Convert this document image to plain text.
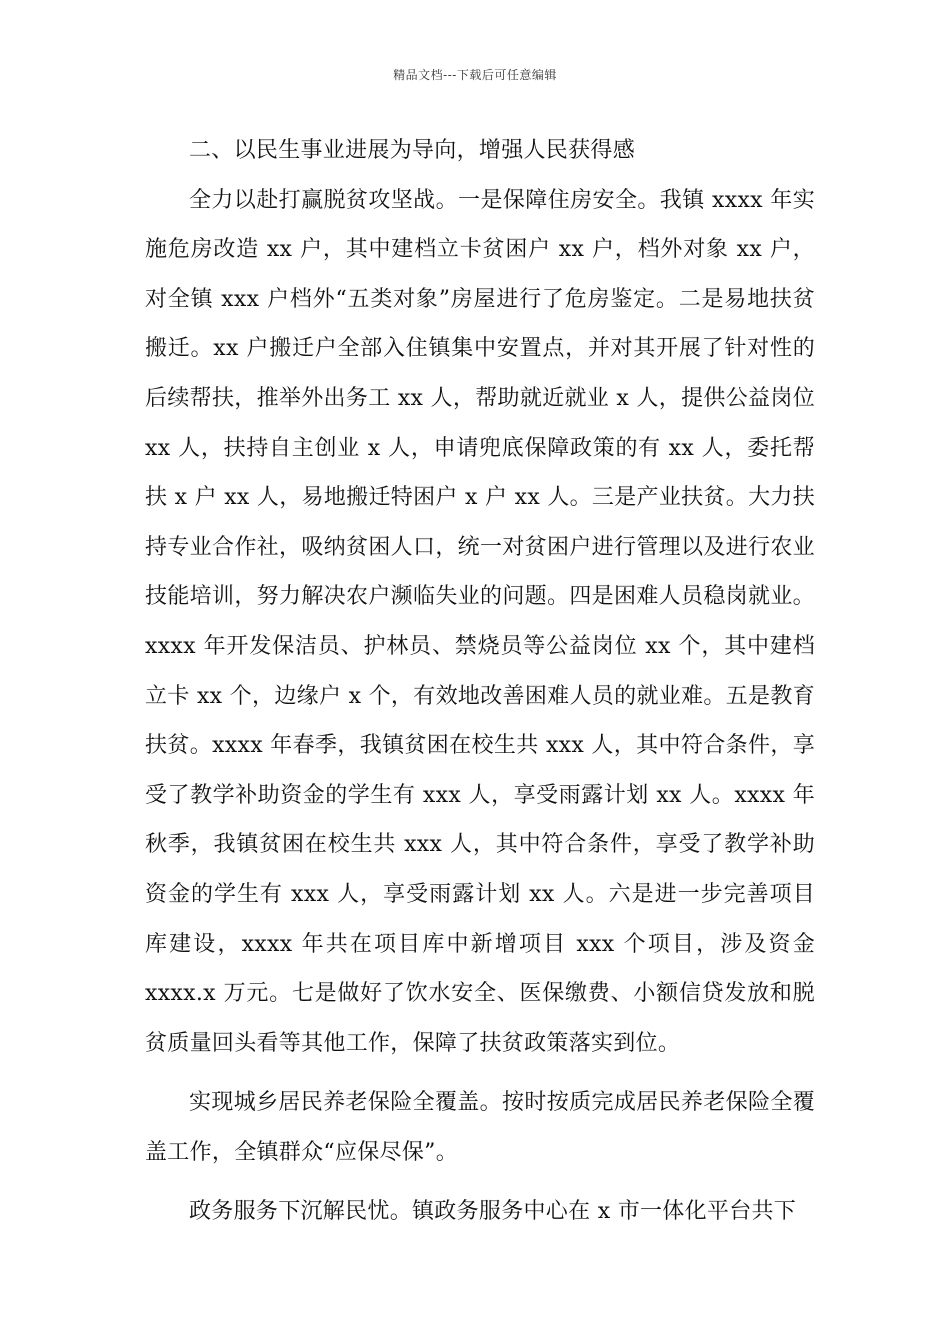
精品文档---下载后可任意编辑

二、以民生事业进展为导向，增强人民获得感

全力以赴打赢脱贫攻坚战。一是保障住房安全。我镇 xxxx 年实施危房改造 xx 户，其中建档立卡贫困户 xx 户，档外对象 xx 户，对全镇 xxx 户档外“五类对象”房屋进行了危房鉴定。二是易地扶贫搬迁。xx 户搬迁户全部入住镇集中安置点，并对其开展了针对性的后续帮扶，推举外出务工 xx 人，帮助就近就业 x 人，提供公益岗位 xx 人，扶持自主创业 x 人，申请兜底保障政策的有 xx 人，委托帮扶 x 户 xx 人，易地搬迁特困户 x 户 xx 人。三是产业扶贫。大力扶持专业合作社，吸纳贫困人口，统一对贫困户进行管理以及进行农业技能培训，努力解决农户濒临失业的问题。四是困难人员稳岗就业。xxxx 年开发保洁员、护林员、禁烧员等公益岗位 xx 个，其中建档立卡 xx 个，边缘户 x 个，有效地改善困难人员的就业难。五是教育扶贫。xxxx 年春季，我镇贫困在校生共 xxx 人，其中符合条件，享受了教学补助资金的学生有 xxx 人，享受雨露计划 xx 人。xxxx 年秋季，我镇贫困在校生共 xxx 人，其中符合条件，享受了教学补助资金的学生有 xxx 人，享受雨露计划 xx 人。六是进一步完善项目库建设，xxxx 年共在项目库中新增项目 xxx 个项目，涉及资金 xxxx.x 万元。七是做好了饮水安全、医保缴费、小额信贷发放和脱贫质量回头看等其他工作，保障了扶贫政策落实到位。

实现城乡居民养老保险全覆盖。按时按质完成居民养老保险全覆盖工作，全镇群众“应保尽保”。

政务服务下沉解民忧。镇政务服务中心在 x 市一体化平台共下
